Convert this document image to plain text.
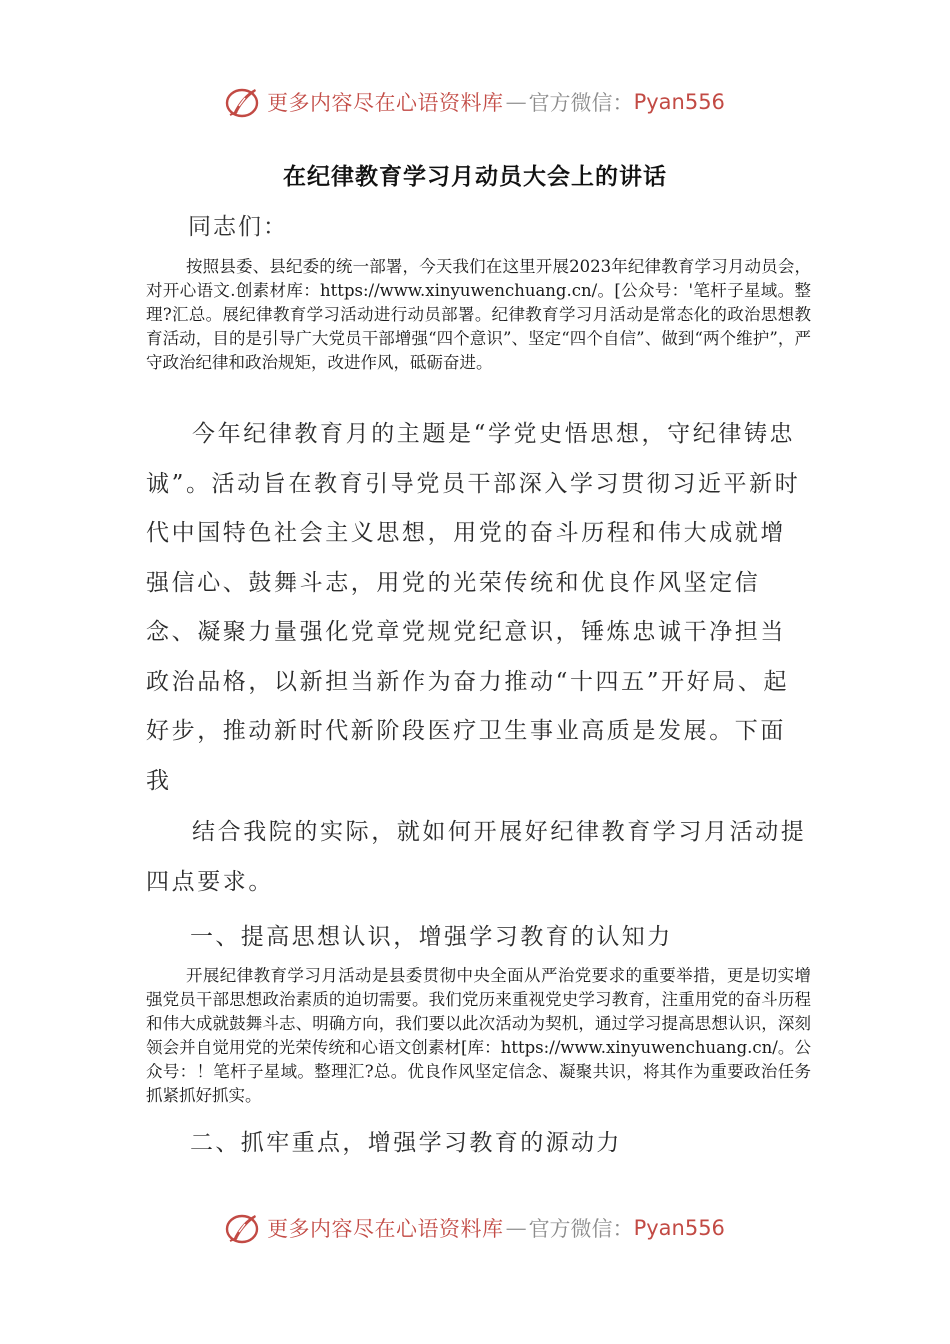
更多内容尽在心语资料库 — 官方微信： Pyan556
在纪律教育学习月动员大会上的讲话
同志们：

按照县委、县纪委的统一部署，今天我们在这里开展2023年纪律教育学习月动员会，对开心语文.创素材库：https://www.xinyuwenchuang.cn/。[公众号：'笔杆子星域。整理?汇总。展纪律教育学习活动进行动员部署。纪律教育学习月活动是常态化的政治思想教育活动，目的是引导广大党员干部增强“四个意识”、坚定“四个自信”、做到“两个维护”，严守政治纪律和政治规矩，改进作风，砥砺奋进。

今年纪律教育月的主题是“学党史悟思想，守纪律铸忠诚”。活动旨在教育引导党员干部深入学习贯彻习近平新时代中国特色社会主义思想，用党的奋斗历程和伟大成就增强信心、鼓舞斗志，用党的光荣传统和优良作风坚定信念、凝聚力量强化党章党规党纪意识，锤炼忠诚干净担当政治品格，以新担当新作为奋力推动“十四五”开好局、起好步，推动新时代新阶段医疗卫生事业高质是发展。下面我

结合我院的实际，就如何开展好纪律教育学习月活动提四点要求。

一、提高思想认识，增强学习教育的认知力

开展纪律教育学习月活动是县委贯彻中央全面从严治党要求的重要举措，更是切实增强党员干部思想政治素质的迫切需要。我们党历来重视党史学习教育，注重用党的奋斗历程和伟大成就鼓舞斗志、明确方向，我们要以此次活动为契机，通过学习提高思想认识，深刻领会并自觉用党的光荣传统和心语文创素材[库：https://www.xinyuwenchuang.cn/。公众号：！笔杆子星域。整理汇?总。优良作风坚定信念、凝聚共识，将其作为重要政治任务抓紧抓好抓实。

二、抓牢重点，增强学习教育的源动力
更多内容尽在心语资料库 — 官方微信： Pyan556
